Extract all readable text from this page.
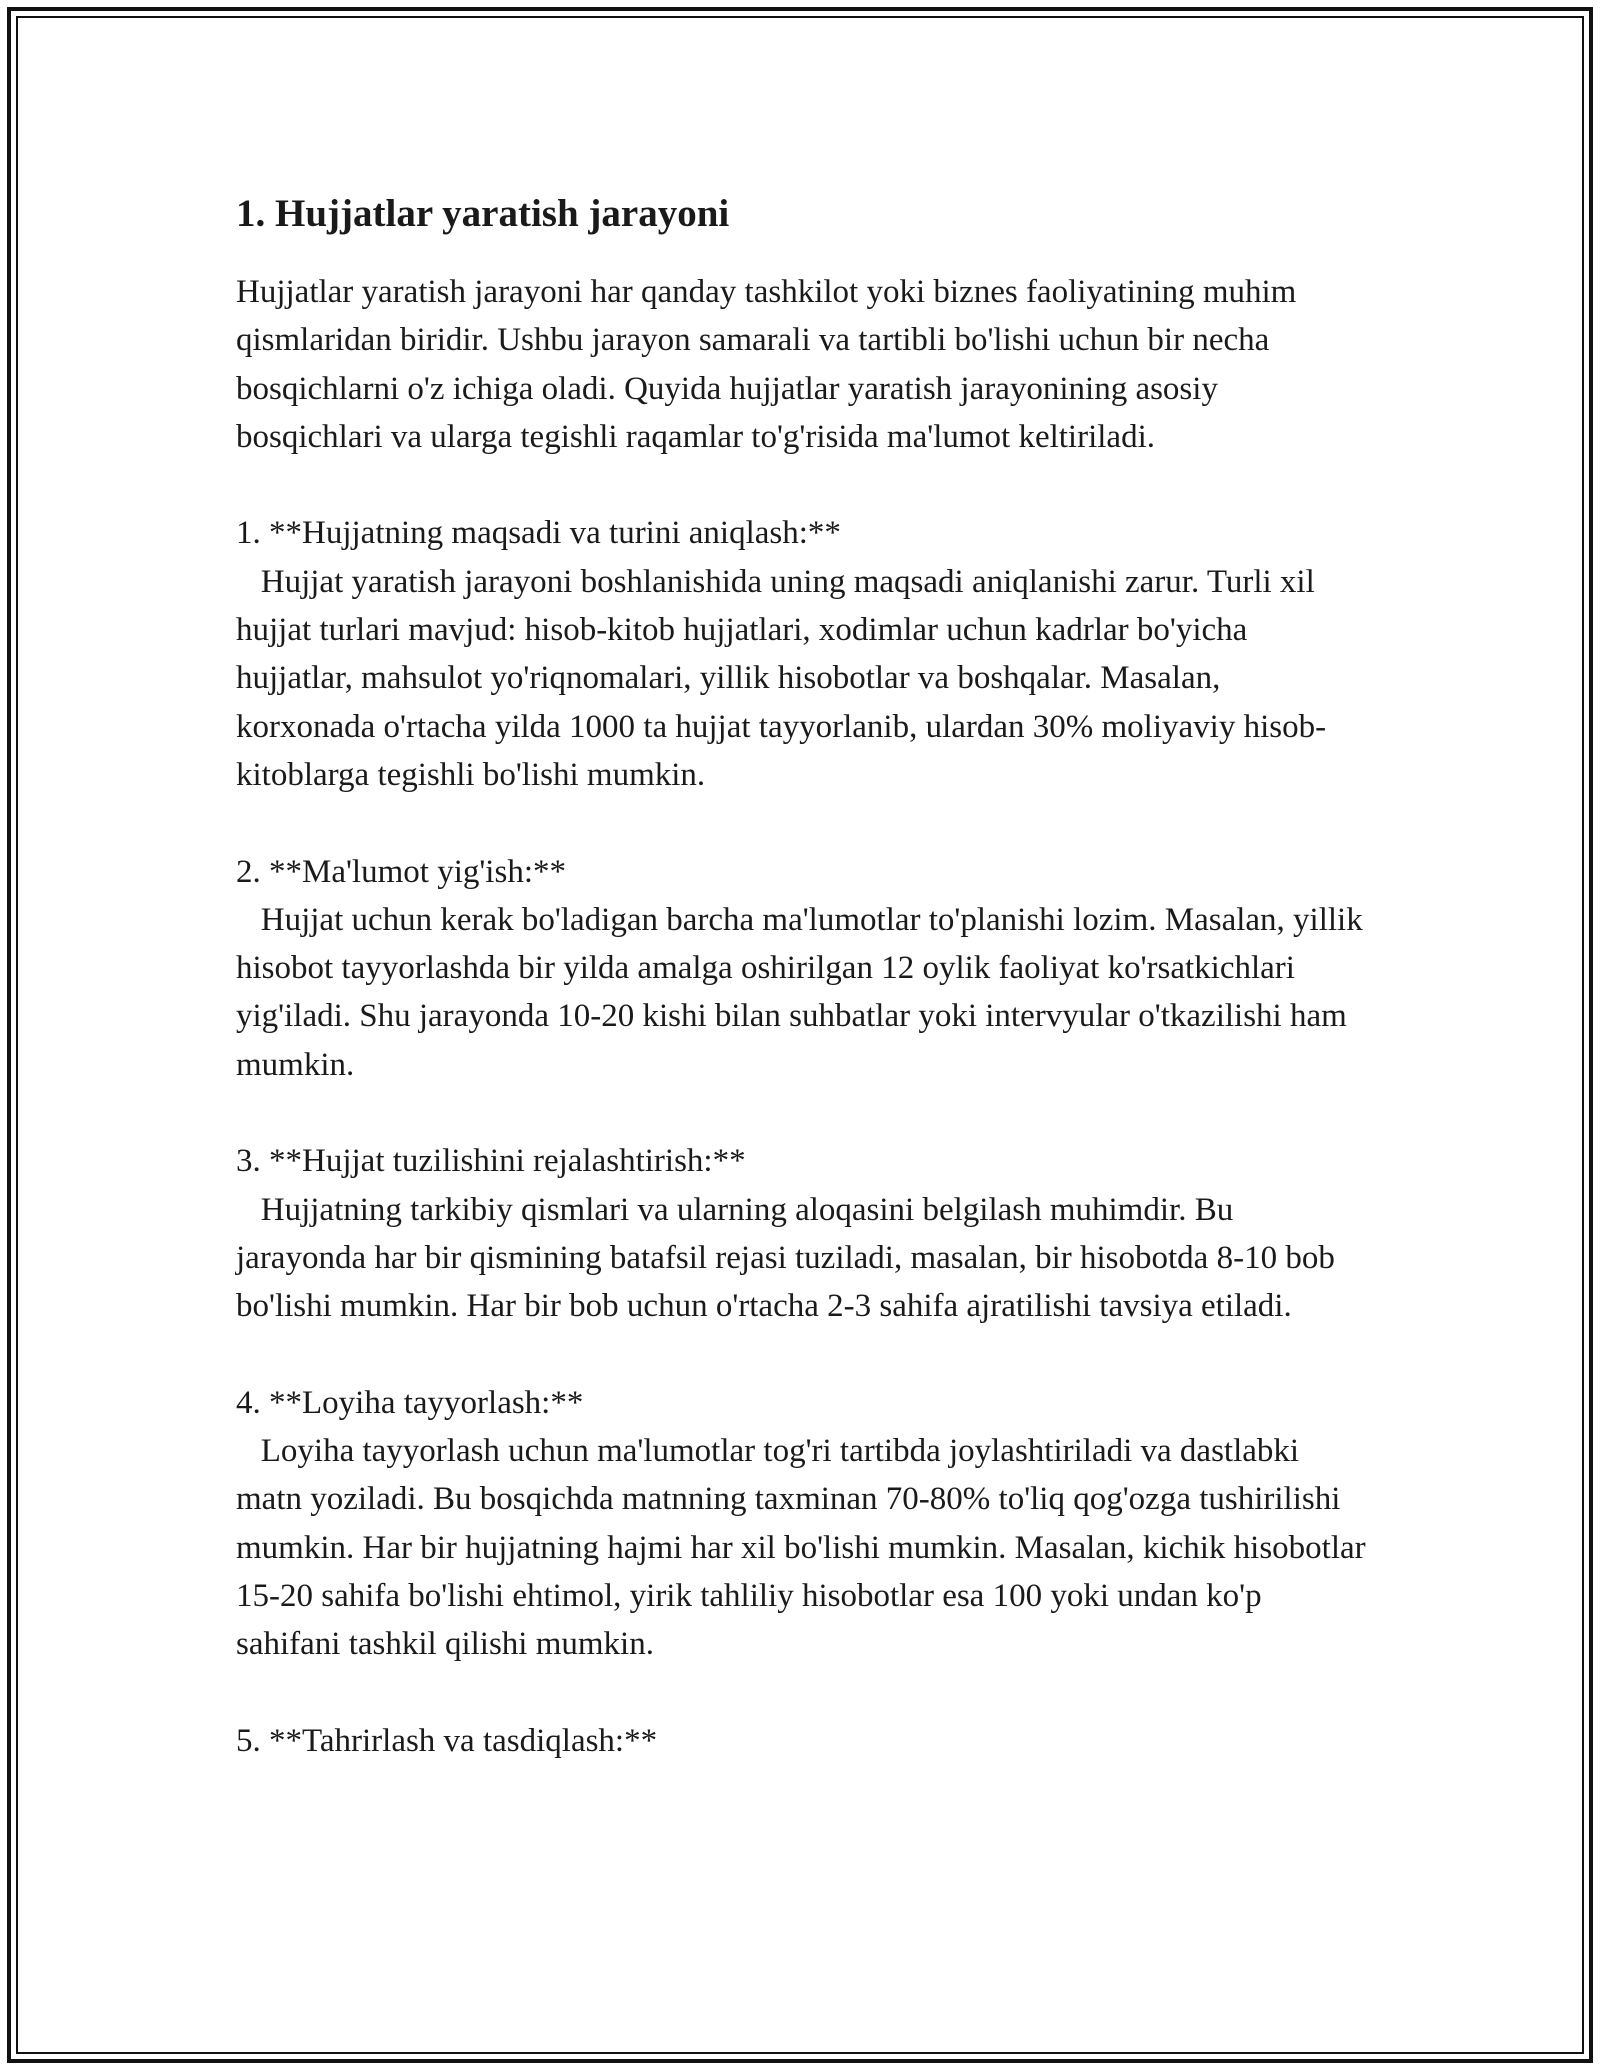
1. Hujjatlar yaratish jarayoni

Hujjatlar yaratish jarayoni har qanday tashkilot yoki biznes faoliyatining muhim qismlaridan biridir. Ushbu jarayon samarali va tartibli bo'lishi uchun bir necha bosqichlarni o'z ichiga oladi. Quyida hujjatlar yaratish jarayonining asosiy bosqichlari va ularga tegishli raqamlar to'g'risida ma'lumot keltiriladi.

1. **Hujjatning maqsadi va turini aniqlash:**

Hujjat yaratish jarayoni boshlanishida uning maqsadi aniqlanishi zarur. Turli xil hujjat turlari mavjud: hisob-kitob hujjatlari, xodimlar uchun kadrlar bo'yicha hujjatlar, mahsulot yo'riqnomalari, yillik hisobotlar va boshqalar. Masalan, korxonada o'rtacha yilda 1000 ta hujjat tayyorlanib, ulardan 30% moliyaviy hisob-kitoblarga tegishli bo'lishi mumkin.

2. **Ma'lumot yig'ish:**

Hujjat uchun kerak bo'ladigan barcha ma'lumotlar to'planishi lozim. Masalan, yillik hisobot tayyorlashda bir yilda amalga oshirilgan 12 oylik faoliyat ko'rsatkichlari yig'iladi. Shu jarayonda 10-20 kishi bilan suhbatlar yoki intervyular o'tkazilishi ham mumkin.

3. **Hujjat tuzilishini rejalashtirish:**

Hujjatning tarkibiy qismlari va ularning aloqasini belgilash muhimdir. Bu jarayonda har bir qismining batafsil rejasi tuziladi, masalan, bir hisobotda 8-10 bob bo'lishi mumkin. Har bir bob uchun o'rtacha 2-3 sahifa ajratilishi tavsiya etiladi.

4. **Loyiha tayyorlash:**

Loyiha tayyorlash uchun ma'lumotlar tog'ri tartibda joylashtiriladi va dastlabki matn yoziladi. Bu bosqichda matnning taxminan 70-80% to'liq qog'ozga tushirilishi mumkin. Har bir hujjatning hajmi har xil bo'lishi mumkin. Masalan, kichik hisobotlar 15-20 sahifa bo'lishi ehtimol, yirik tahliliy hisobotlar esa 100 yoki undan ko'p sahifani tashkil qilishi mumkin.

5. **Tahrirlash va tasdiqlash:**
